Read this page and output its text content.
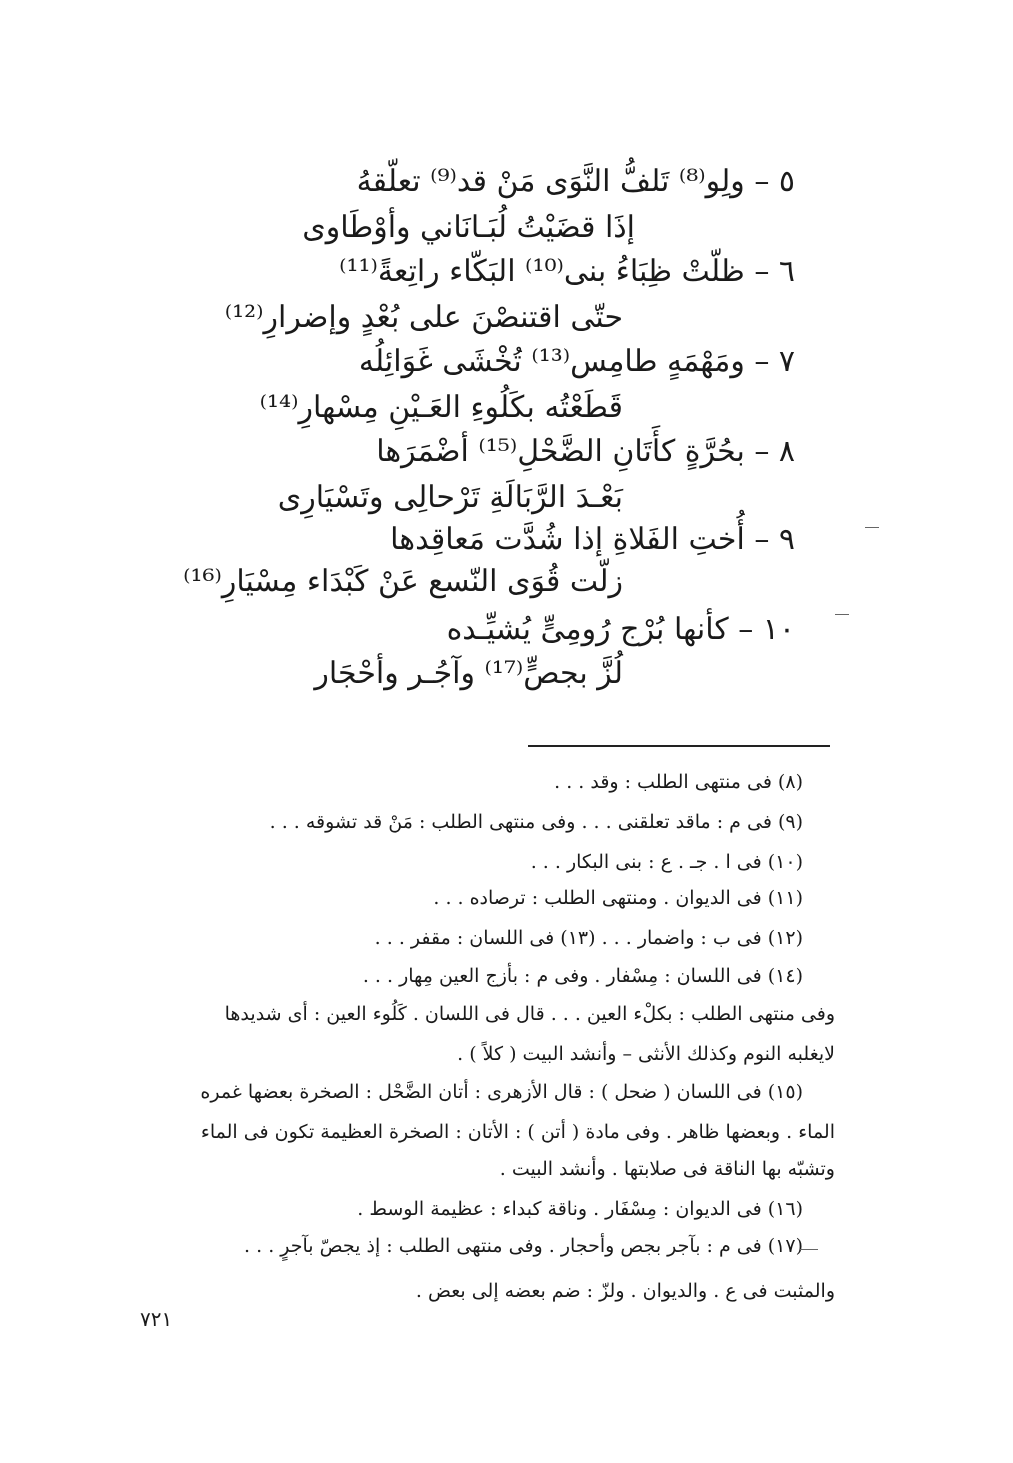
٥ – ولِو⁽⁸⁾ تَلفُّ النَّوَى مَنْ قد⁽⁹⁾ تعلّقهُ
إذَا قضَيْتُ لُبَـانَاني وأوْطَاوى
٦ – ظلّتْ ظِبَاءُ بنى⁽¹⁰⁾ البَكّاء راتِعةً⁽¹¹⁾
حتّى اقتنصْنَ على بُعْدٍ وإضرارِ⁽¹²⁾
٧ – ومَهْمَهٍ طامِس⁽¹³⁾ تُخْشَى غَوَائِلُه
قَطَعْتُه بكَلُوءِ العَـيْنِ مِسْهارِ⁽¹⁴⁾
٨ – بحُرَّةٍ كأَتَانِ الضَّحْلِ⁽¹⁵⁾ أضْمَرَها
بَعْـدَ الرَّبَالَةِ تَرْحالِى وتَسْيَارِى
٩ – أُختِ الفَلاةِ إذا شُدَّت مَعاقِدها
زلّت قُوَى النّسع عَنْ كَبْدَاء مِسْيَارِ⁽¹⁶⁾
١٠ – كأنها بُرْج رُومِىٍّ يُشيِّـده
لُزَّ بجصٍّ⁽¹⁷⁾ وآجُـر وأحْجَار
(٨) فى منتهى الطلب : وقد . . .
(٩) فى م : ماقد تعلقنى . . . وفى منتهى الطلب : مَنْ قد تشوقه . . .
(١٠) فى ا . جـ . ع : بنى البكار . . .
(١١) فى الديوان . ومنتهى الطلب : ترصاده . . .
(١٢) فى ب : واضمار . . . (١٣) فى اللسان : مقفر . . .
(١٤) فى اللسان : مِسْفار . وفى م : بأزج العين مِهار . . .
وفى منتهى الطلب : بكلْء العين . . . قال فى اللسان . كَلُوء العين : أى شديدها
لايغلبه النوم وكذلك الأنثى – وأنشد البيت ( كلاً ) .
(١٥) فى اللسان ( ضحل ) : قال الأزهرى : أتان الضَّحْل : الصخرة بعضها غمره
الماء . وبعضها ظاهر . وفى مادة ( أتن ) : الأتان : الصخرة العظيمة تكون فى الماء
وتشبّه بها الناقة فى صلابتها . وأنشد البيت .
(١٦) فى الديوان : مِسْفَار . وناقة كبداء : عظيمة الوسط .
(١٧) فى م : بآجر بجص وأحجار . وفى منتهى الطلب : إذ يجصّ بآجرٍ . . .
والمثبت فى ع . والديوان . ولزّ : ضم بعضه إلى بعض .
٧٢١
